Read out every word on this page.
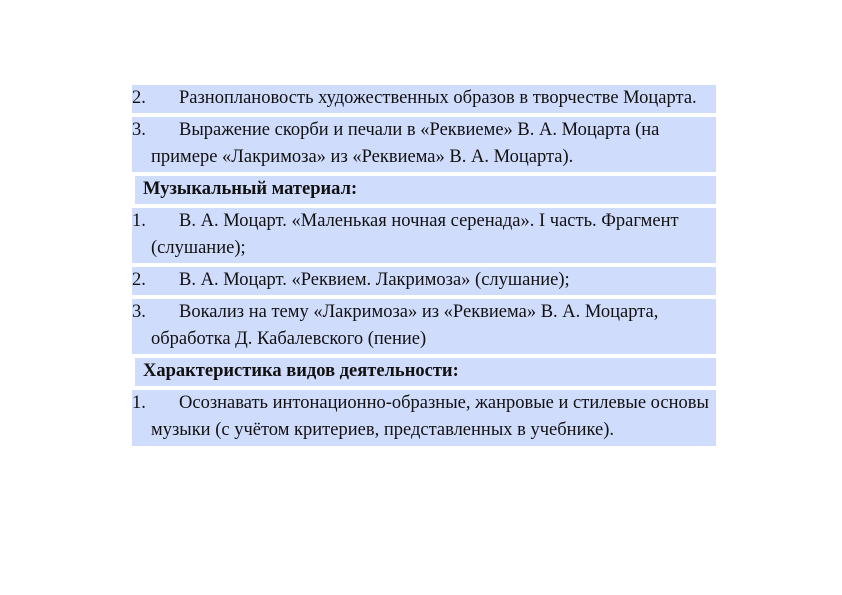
2.	Разноплановость художественных образов в творчестве Моцарта.
3.	Выражение скорби и печали в «Реквиеме» В. А. Моцарта (на примере «Лакримоза» из «Реквиема» В. А. Моцарта).
Музыкальный материал:
1.	В. А. Моцарт. «Маленькая ночная серенада». I часть. Фрагмент (слушание);
2.	В. А. Моцарт. «Реквием. Лакримоза» (слушание);
3.	Вокализ на тему «Лакримоза» из «Реквиема» В. А. Моцарта, обработка Д. Кабалевского (пение)
Характеристика видов деятельности:
1.	Осознавать интонационно-образные, жанровые и стилевые основы музыки (с учётом критериев, представленных в учебнике).
